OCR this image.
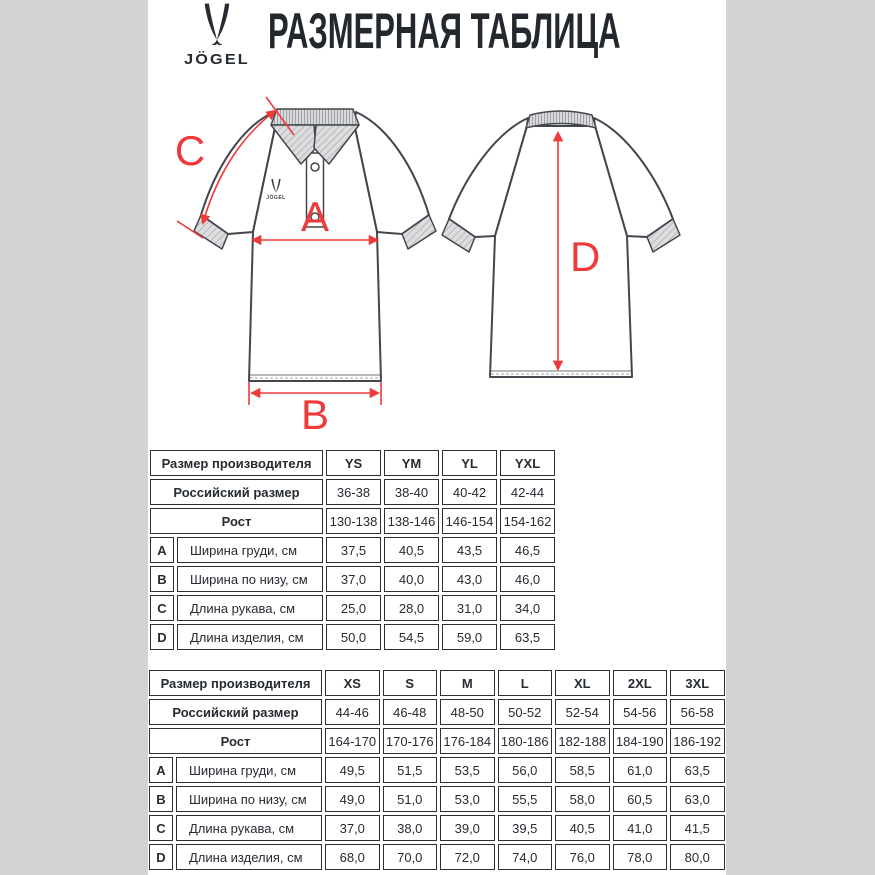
JÖGEL
РАЗМЕРНАЯ ТАБЛИЦА
JÖGEL A
C
B
D
Размер производителя		YS	YM	YL	YXL
Российский размер		36-38	38-40	40-42	42-44
Рост		130-138	138-146	146-154	154-162
A	Ширина груди, см	37,5	40,5	43,5	46,5
B	Ширина по низу, см	37,0	40,0	43,0	46,0
C	Длина рукава, см	25,0	28,0	31,0	34,0
D	Длина изделия, см	50,0	54,5	59,0	63,5
Размер производителя		XS	S	M	L	XL	2XL	3XL
Российский размер		44-46	46-48	48-50	50-52	52-54	54-56	56-58
Рост		164-170	170-176	176-184	180-186	182-188	184-190	186-192
A	Ширина груди, см	49,5	51,5	53,5	56,0	58,5	61,0	63,5
B	Ширина по низу, см	49,0	51,0	53,0	55,5	58,0	60,5	63,0
C	Длина рукава, см	37,0	38,0	39,0	39,5	40,5	41,0	41,5
D	Длина изделия, см	68,0	70,0	72,0	74,0	76,0	78,0	80,0
